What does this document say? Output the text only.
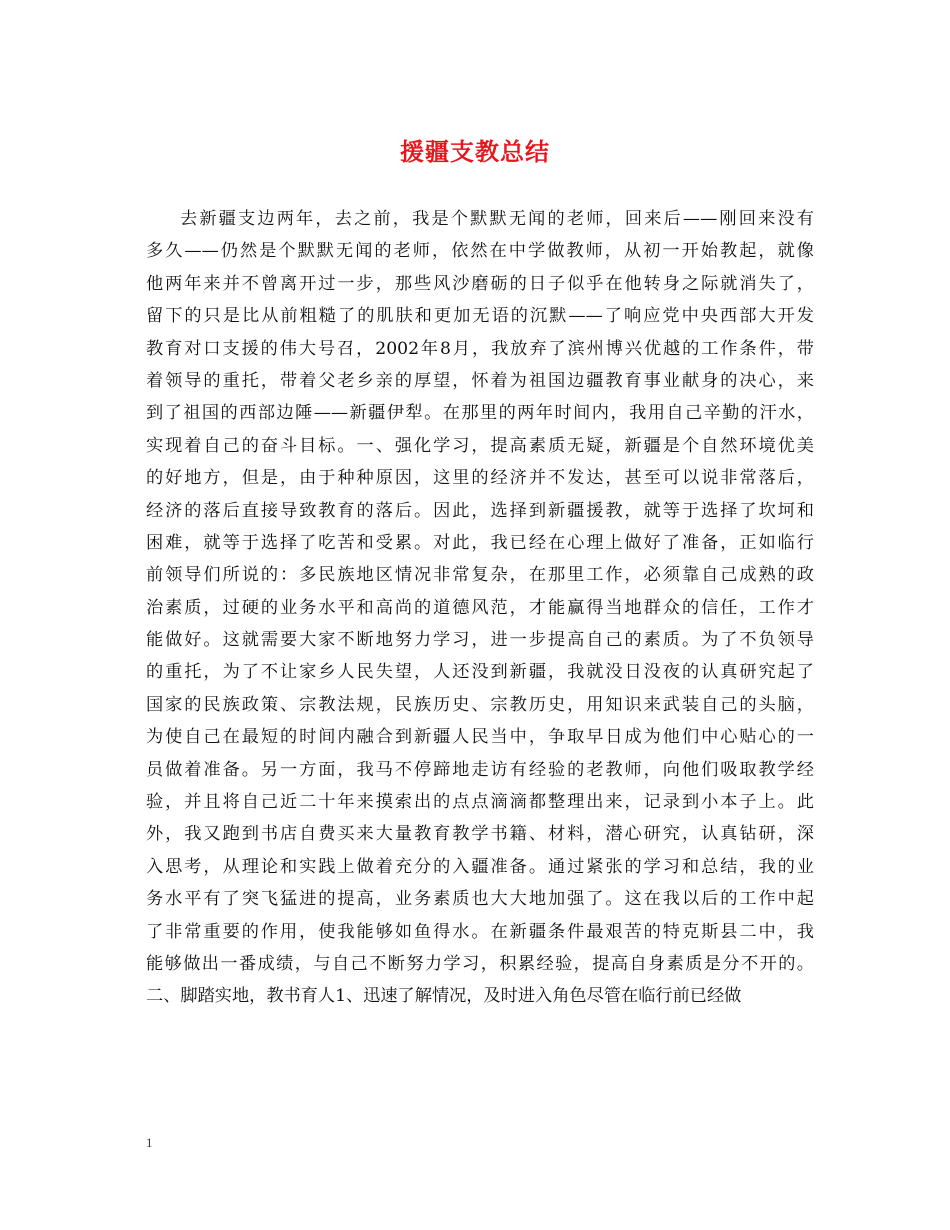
援疆支教总结
去新疆支边两年，去之前，我是个默默无闻的老师，回来后——刚回来没有
多久——仍然是个默默无闻的老师，依然在中学做教师，从初一开始教起，就像
他两年来并不曾离开过一步，那些风沙磨砺的日子似乎在他转身之际就消失了，
留下的只是比从前粗糙了的肌肤和更加无语的沉默——了响应党中央西部大开发
教育对口支援的伟大号召，2002年8月，我放弃了滨州博兴优越的工作条件，带
着领导的重托，带着父老乡亲的厚望，怀着为祖国边疆教育事业献身的决心，来
到了祖国的西部边陲——新疆伊犁。在那里的两年时间内，我用自己辛勤的汗水，
实现着自己的奋斗目标。一、强化学习，提高素质无疑，新疆是个自然环境优美
的好地方，但是，由于种种原因，这里的经济并不发达，甚至可以说非常落后，
经济的落后直接导致教育的落后。因此，选择到新疆援教，就等于选择了坎坷和
困难，就等于选择了吃苦和受累。对此，我已经在心理上做好了准备，正如临行
前领导们所说的：多民族地区情况非常复杂，在那里工作，必须靠自己成熟的政
治素质，过硬的业务水平和高尚的道德风范，才能赢得当地群众的信任，工作才
能做好。这就需要大家不断地努力学习，进一步提高自己的素质。为了不负领导
的重托，为了不让家乡人民失望，人还没到新疆，我就没日没夜的认真研究起了
国家的民族政策、宗教法规，民族历史、宗教历史，用知识来武装自己的头脑，
为使自己在最短的时间内融合到新疆人民当中，争取早日成为他们中心贴心的一
员做着准备。另一方面，我马不停蹄地走访有经验的老教师，向他们吸取教学经
验，并且将自己近二十年来摸索出的点点滴滴都整理出来，记录到小本子上。此
外，我又跑到书店自费买来大量教育教学书籍、材料，潜心研究，认真钻研，深
入思考，从理论和实践上做着充分的入疆准备。通过紧张的学习和总结，我的业
务水平有了突飞猛进的提高，业务素质也大大地加强了。这在我以后的工作中起
了非常重要的作用，使我能够如鱼得水。在新疆条件最艰苦的特克斯县二中，我
能够做出一番成绩，与自己不断努力学习，积累经验，提高自身素质是分不开的。
二、脚踏实地，教书育人1、迅速了解情况，及时进入角色尽管在临行前已经做
1
